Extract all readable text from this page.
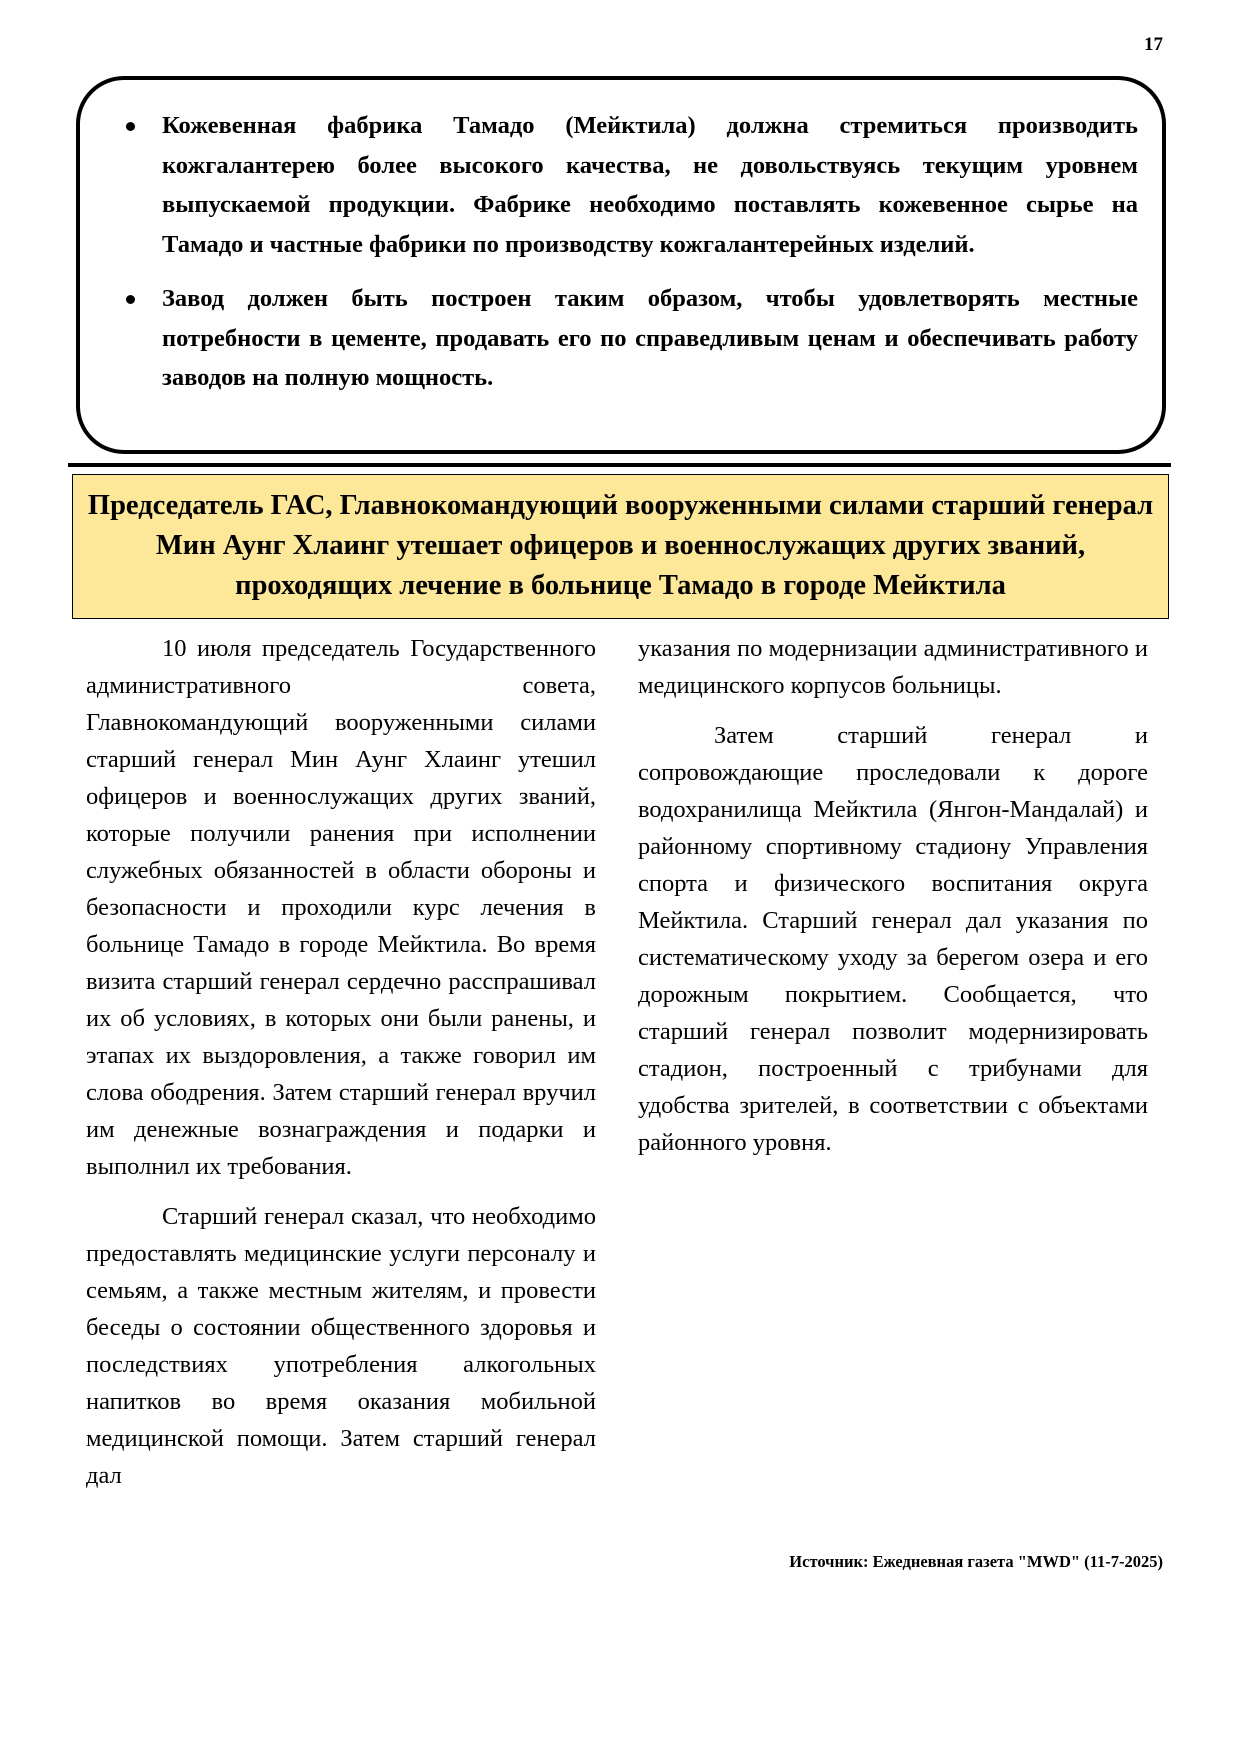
17
Кожевенная фабрика Тамадо (Мейктила) должна стремиться производить кожгалантерею более высокого качества, не довольствуясь текущим уровнем выпускаемой продукции. Фабрике необходимо поставлять кожевенное сырье на Тамадо и частные фабрики по производству кожгалантерейных изделий.
Завод должен быть построен таким образом, чтобы удовлетворять местные потребности в цементе, продавать его по справедливым ценам и обеспечивать работу заводов на полную мощность.
Председатель ГАС, Главнокомандующий вооруженными силами старший генерал Мин Аунг Хлаинг утешает офицеров и военнослужащих других званий, проходящих лечение в больнице Тамадо в городе Мейктила

10 июля председатель Государственного административного совета, Главнокомандующий вооруженными силами старший генерал Мин Аунг Хлаинг утешил офицеров и военнослужащих других званий, которые получили ранения при исполнении служебных обязанностей в области обороны и безопасности и проходили курс лечения в больнице Тамадо в городе Мейктила. Во время визита старший генерал сердечно расспрашивал их об условиях, в которых они были ранены, и этапах их выздоровления, а также говорил им слова ободрения. Затем старший генерал вручил им денежные вознаграждения и подарки и выполнил их требования.

Старший генерал сказал, что необходимо предоставлять медицинские услуги персоналу и семьям, а также местным жителям, и провести беседы о состоянии общественного здоровья и последствиях употребления алкогольных напитков во время оказания мобильной медицинской помощи. Затем старший генерал дал

указания по модернизации административного и медицинского корпусов больницы.

Затем старший генерал и сопровождающие проследовали к дороге водохранилища Мейктила (Янгон-Мандалай) и районному спортивному стадиону Управления спорта и физического воспитания округа Мейктила. Старший генерал дал указания по систематическому уходу за берегом озера и его дорожным покрытием. Сообщается, что старший генерал позволит модернизировать стадион, построенный с трибунами для удобства зрителей, в соответствии с объектами районного уровня.

Источник: Ежедневная газета "MWD" (11-7-2025)
